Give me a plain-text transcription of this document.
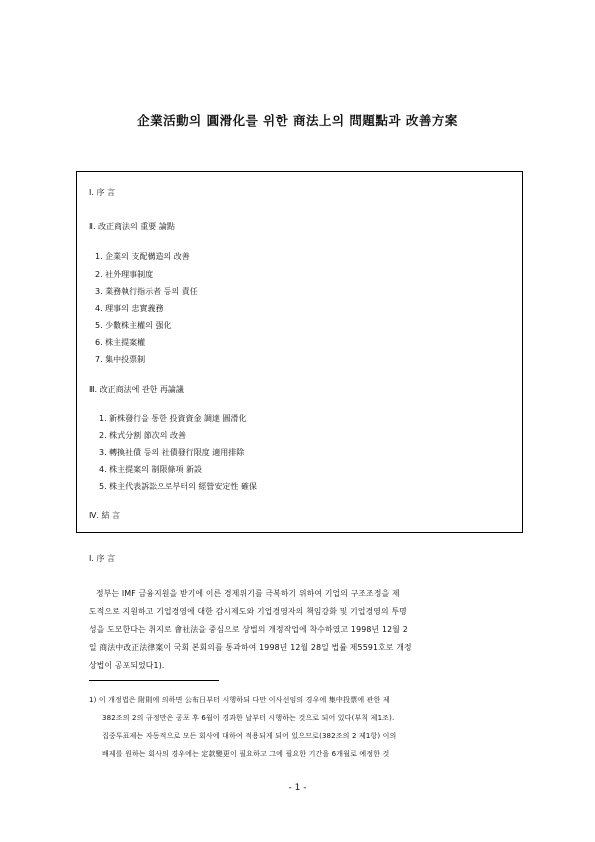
企業活動의 圓滑化를 위한 商法上의 問題點과 改善方案
Ⅰ. 序 言
Ⅱ. 改正商法의 重要 論點
1. 企業의 支配構造의 改善
2. 社外理事制度
3. 業務執行指示者 등의 責任
4. 理事의 忠實義務
5. 少數株主權의 强化
6. 株主提案權
7. 集中投票制
Ⅲ. 改正商法에 관한 再論議
1. 新株發行을 통한 投資資金 調達 圓滑化
2. 株式分割 節次의 改善
3. 轉換社債 등의 社債發行限度 適用排除
4. 株主提案의 制限條項 新設
5. 株主代表訴訟으로부터의 經營安定性 確保
Ⅳ. 結 言
Ⅰ. 序 言
정부는 IMF 금융지원을 받기에 이른 경제위기를 극복하기 위하여 기업의 구조조정을 제
도적으로 지원하고 기업경영에 대한 감시제도와 기업경영자의 책임강화 및 기업경영의 투명
성을 도모한다는 취지로 會社法을 중심으로 상법의 개정작업에 착수하였고 1998년 12월 2
일 商法中改正法律案이 국회 본회의를 통과하여 1998년 12월 28일 법률 제5591호로 개정
상법이 공포되었다1).
1) 이 개정법은 附則에 의하면 公布日부터 시행하되 다만 이사선임의 경우에 集中投票에 관한 제
382조의 2의 규정만은 공포 후 6월이 경과한 날부터 시행하는 것으로 되어 있다(부칙 제1조).
집중투표제는 자동적으로 모든 회사에 대하여 적용되게 되어 있으므로(382조의 2 제1항) 이의
배제를 원하는 회사의 경우에는 定款變更이 필요하고 그에 필요한 기간을 6개월로 예정한 것
- 1 -
